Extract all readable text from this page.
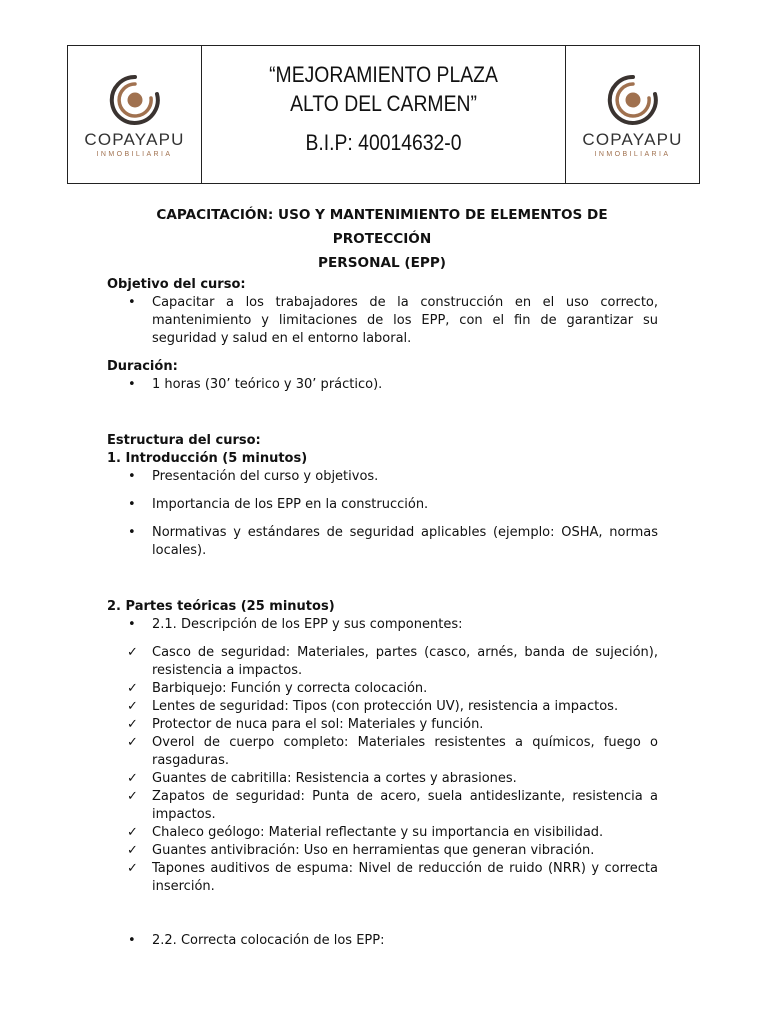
COPAYAPU
INMOBILIARIA
“MEJORAMIENTO PLAZA
ALTO DEL CARMEN”
B.I.P: 40014632-0	COPAYAPU
INMOBILIARIA
CAPACITACIÓN: USO Y MANTENIMIENTO DE ELEMENTOS DE PROTECCIÓN
PERSONAL (EPP)
Objetivo del curso:
• Capacitar a los trabajadores de la construcción en el uso correcto, mantenimiento y limitaciones de los EPP, con el fin de garantizar su seguridad y salud en el entorno laboral.
Duración:
• 1 horas (30’ teórico y 30’ práctico).
Estructura del curso:
1. Introducción (5 minutos)
• Presentación del curso y objetivos.
• Importancia de los EPP en la construcción.
• Normativas y estándares de seguridad aplicables (ejemplo: OSHA, normas locales).
2. Partes teóricas (25 minutos)
• 2.1. Descripción de los EPP y sus componentes:
✓ Casco de seguridad: Materiales, partes (casco, arnés, banda de sujeción), resistencia a impactos.
✓ Barbiquejo: Función y correcta colocación.
✓ Lentes de seguridad: Tipos (con protección UV), resistencia a impactos.
✓ Protector de nuca para el sol: Materiales y función.
✓ Overol de cuerpo completo: Materiales resistentes a químicos, fuego o rasgaduras.
✓ Guantes de cabritilla: Resistencia a cortes y abrasiones.
✓ Zapatos de seguridad: Punta de acero, suela antideslizante, resistencia a impactos.
✓ Chaleco geólogo: Material reflectante y su importancia en visibilidad.
✓ Guantes antivibración: Uso en herramientas que generan vibración.
✓ Tapones auditivos de espuma: Nivel de reducción de ruido (NRR) y correcta inserción.
• 2.2. Correcta colocación de los EPP:
